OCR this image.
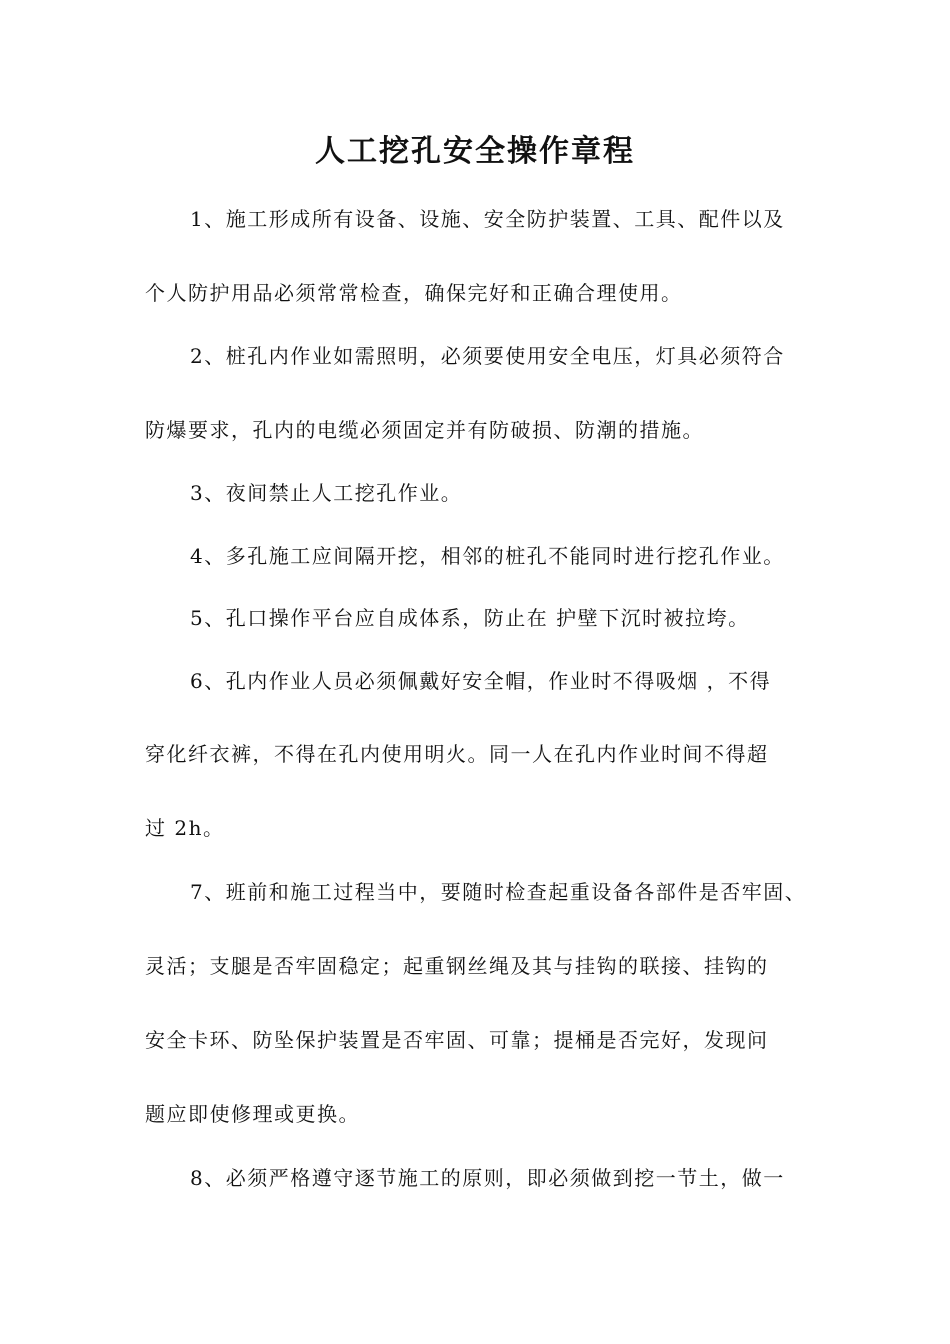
人工挖孔安全操作章程
1、施工形成所有设备、设施、安全防护装置、工具、配件以及
个人防护用品必须常常检查，确保完好和正确合理使用。
2、桩孔内作业如需照明，必须要使用安全电压，灯具必须符合
防爆要求，孔内的电缆必须固定并有防破损、防潮的措施。
3、夜间禁止人工挖孔作业。
4、多孔施工应间隔开挖，相邻的桩孔不能同时进行挖孔作业。
5、孔口操作平台应自成体系，防止在 护壁下沉时被拉垮。
6、孔内作业人员必须佩戴好安全帽，作业时不得吸烟 ，不得
穿化纤衣裤，不得在孔内使用明火。同一人在孔内作业时间不得超
过 2h。
7、班前和施工过程当中，要随时检查起重设备各部件是否牢固、
灵活；支腿是否牢固稳定；起重钢丝绳及其与挂钩的联接、挂钩的
安全卡环、防坠保护装置是否牢固、可靠；提桶是否完好，发现问
题应即使修理或更换。
8、必须严格遵守逐节施工的原则，即必须做到挖一节土，做一
